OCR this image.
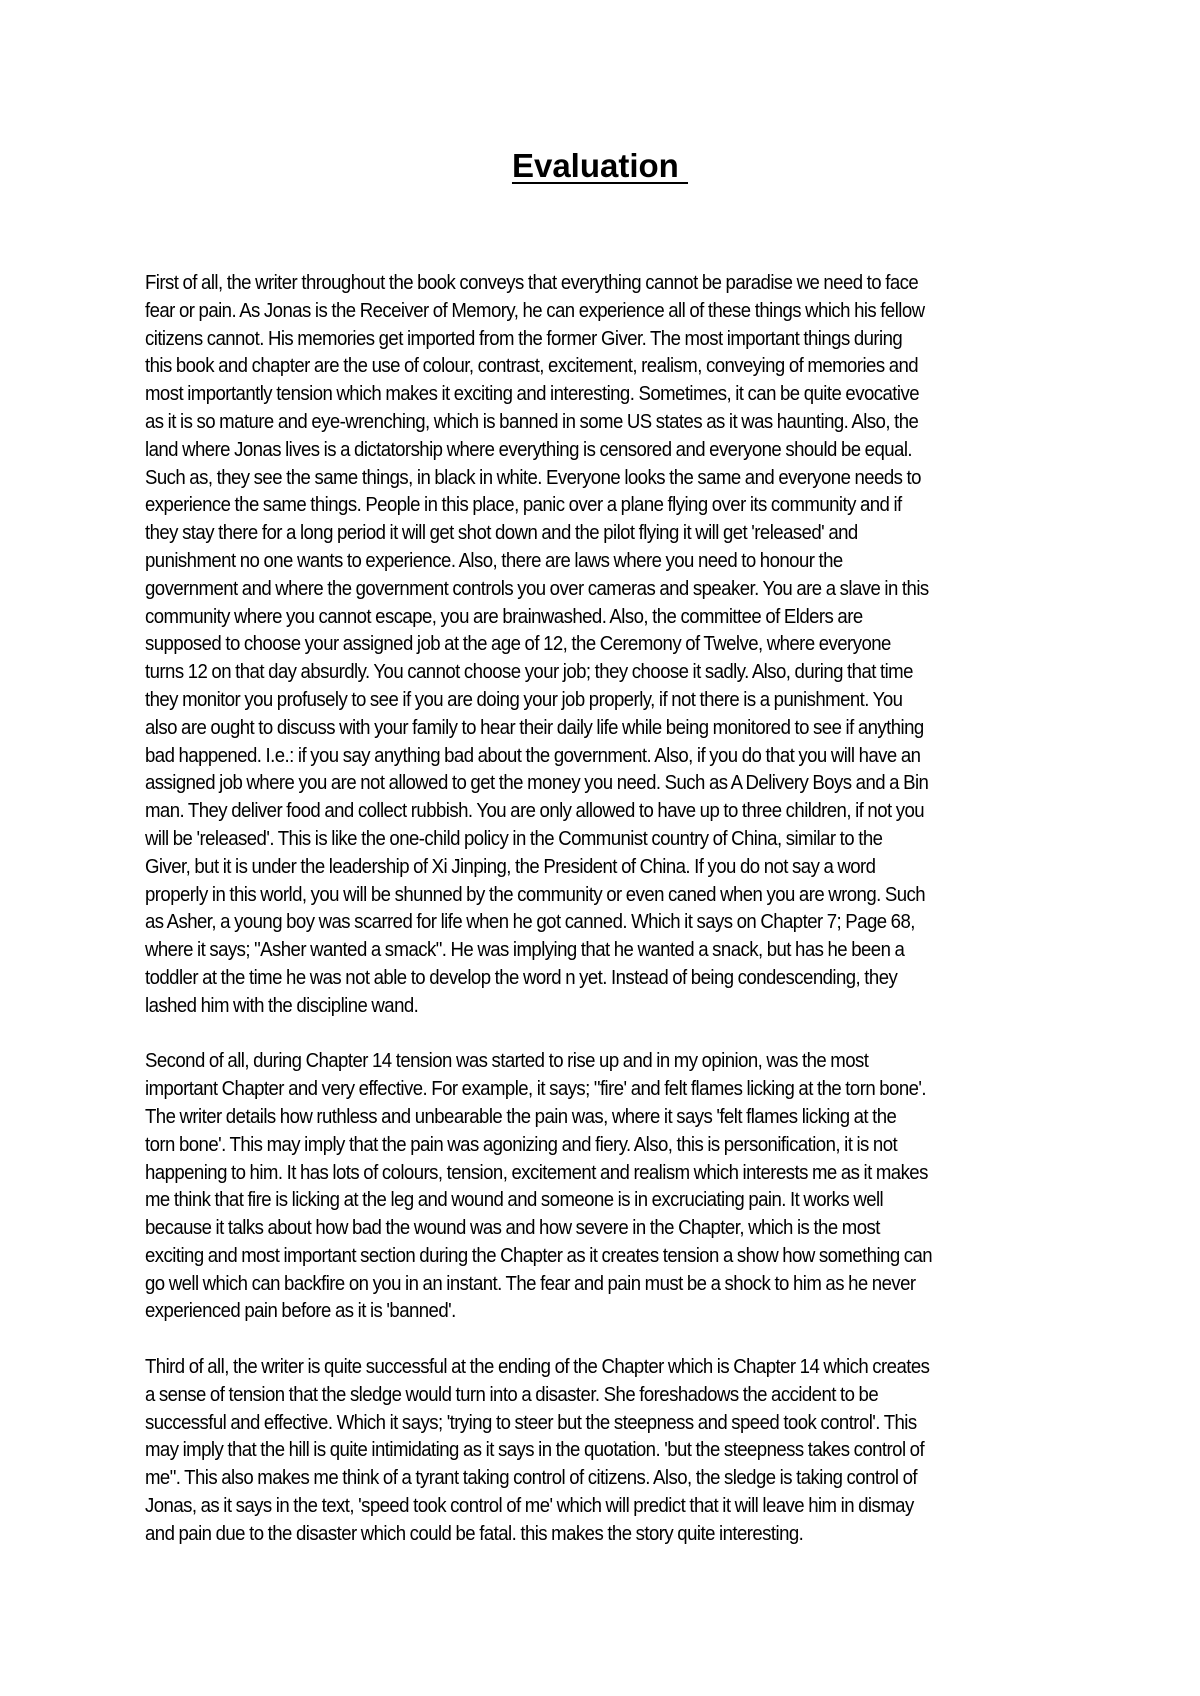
Evaluation

First of all, the writer throughout the book conveys that everything cannot be paradise we need to face
fear or pain. As Jonas is the Receiver of Memory, he can experience all of these things which his fellow
citizens cannot. His memories get imported from the former Giver. The most important things during
this book and chapter are the use of colour, contrast, excitement, realism, conveying of memories and
most importantly tension which makes it exciting and interesting. Sometimes, it can be quite evocative
as it is so mature and eye-wrenching, which is banned in some US states as it was haunting. Also, the
land where Jonas lives is a dictatorship where everything is censored and everyone should be equal.
Such as, they see the same things, in black in white. Everyone looks the same and everyone needs to
experience the same things. People in this place, panic over a plane flying over its community and if
they stay there for a long period it will get shot down and the pilot flying it will get 'released' and
punishment no one wants to experience. Also, there are laws where you need to honour the
government and where the government controls you over cameras and speaker. You are a slave in this
community where you cannot escape, you are brainwashed. Also, the committee of Elders are
supposed to choose your assigned job at the age of 12, the Ceremony of Twelve, where everyone
turns 12 on that day absurdly. You cannot choose your job; they choose it sadly. Also, during that time
they monitor you profusely to see if you are doing your job properly, if not there is a punishment. You
also are ought to discuss with your family to hear their daily life while being monitored to see if anything
bad happened. I.e.: if you say anything bad about the government. Also, if you do that you will have an
assigned job where you are not allowed to get the money you need. Such as A Delivery Boys and a Bin
man. They deliver food and collect rubbish. You are only allowed to have up to three children, if not you
will be 'released'. This is like the one-child policy in the Communist country of China, similar to the
Giver, but it is under the leadership of Xi Jinping, the President of China. If you do not say a word
properly in this world, you will be shunned by the community or even caned when you are wrong. Such
as Asher, a young boy was scarred for life when he got canned. Which it says on Chapter 7; Page 68,
where it says; "Asher wanted a smack". He was implying that he wanted a snack, but has he been a
toddler at the time he was not able to develop the word n yet. Instead of being condescending, they
lashed him with the discipline wand.

Second of all, during Chapter 14 tension was started to rise up and in my opinion, was the most
important Chapter and very effective. For example, it says; "fire' and felt flames licking at the torn bone'.
The writer details how ruthless and unbearable the pain was, where it says 'felt flames licking at the
torn bone'. This may imply that the pain was agonizing and fiery. Also, this is personification, it is not
happening to him. It has lots of colours, tension, excitement and realism which interests me as it makes
me think that fire is licking at the leg and wound and someone is in excruciating pain. It works well
because it talks about how bad the wound was and how severe in the Chapter, which is the most
exciting and most important section during the Chapter as it creates tension a show how something can
go well which can backfire on you in an instant. The fear and pain must be a shock to him as he never
experienced pain before as it is 'banned'.

Third of all, the writer is quite successful at the ending of the Chapter which is Chapter 14 which creates
a sense of tension that the sledge would turn into a disaster. She foreshadows the accident to be
successful and effective. Which it says; 'trying to steer but the steepness and speed took control'. This
may imply that the hill is quite intimidating as it says in the quotation. 'but the steepness takes control of
me". This also makes me think of a tyrant taking control of citizens. Also, the sledge is taking control of
Jonas, as it says in the text, 'speed took control of me' which will predict that it will leave him in dismay
and pain due to the disaster which could be fatal. this makes the story quite interesting.
